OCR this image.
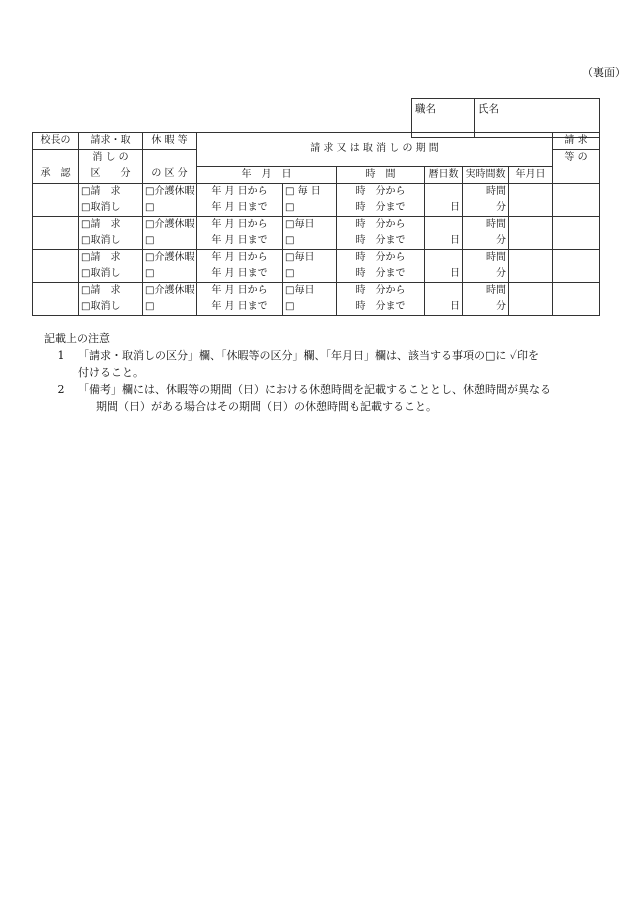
（裏面）
職名	氏名
校長の	請求・取	休 暇 等	請 求 又 は 取 消 し の 期 間						請 求	
	消 し の								等 の	
承　認	区　　分	の 区 分	年　月　日		時　間	暦日数	実時間数	年月日		
	□請　求	□介護休暇	年 月 日から	□ 毎 日	時　分から		時間			
	□取消し	□	年 月 日まで	□	時　分まで	日	分			
	□請　求	□介護休暇	年 月 日から	□毎日	時　分から		時間			
	□取消し	□	年 月 日まで	□	時　分まで	日	分			
	□請　求	□介護休暇	年 月 日から	□毎日	時　分から		時間			
	□取消し	□	年 月 日まで	□	時　分まで	日	分			
	□請　求	□介護休暇	年 月 日から	□毎日	時　分から		時間			
	□取消し	□	年 月 日まで	□	時　分まで	日	分			
記載上の注意
1	「請求・取消しの区分」欄、「休暇等の区分」欄、「年月日」欄は、該当する事項の□に ✓印を
付けること。
2	「備考」欄には、休暇等の期間（日）における休憩時間を記載することとし、休憩時間が異なる
期間（日）がある場合はその期間（日）の休憩時間も記載すること。
